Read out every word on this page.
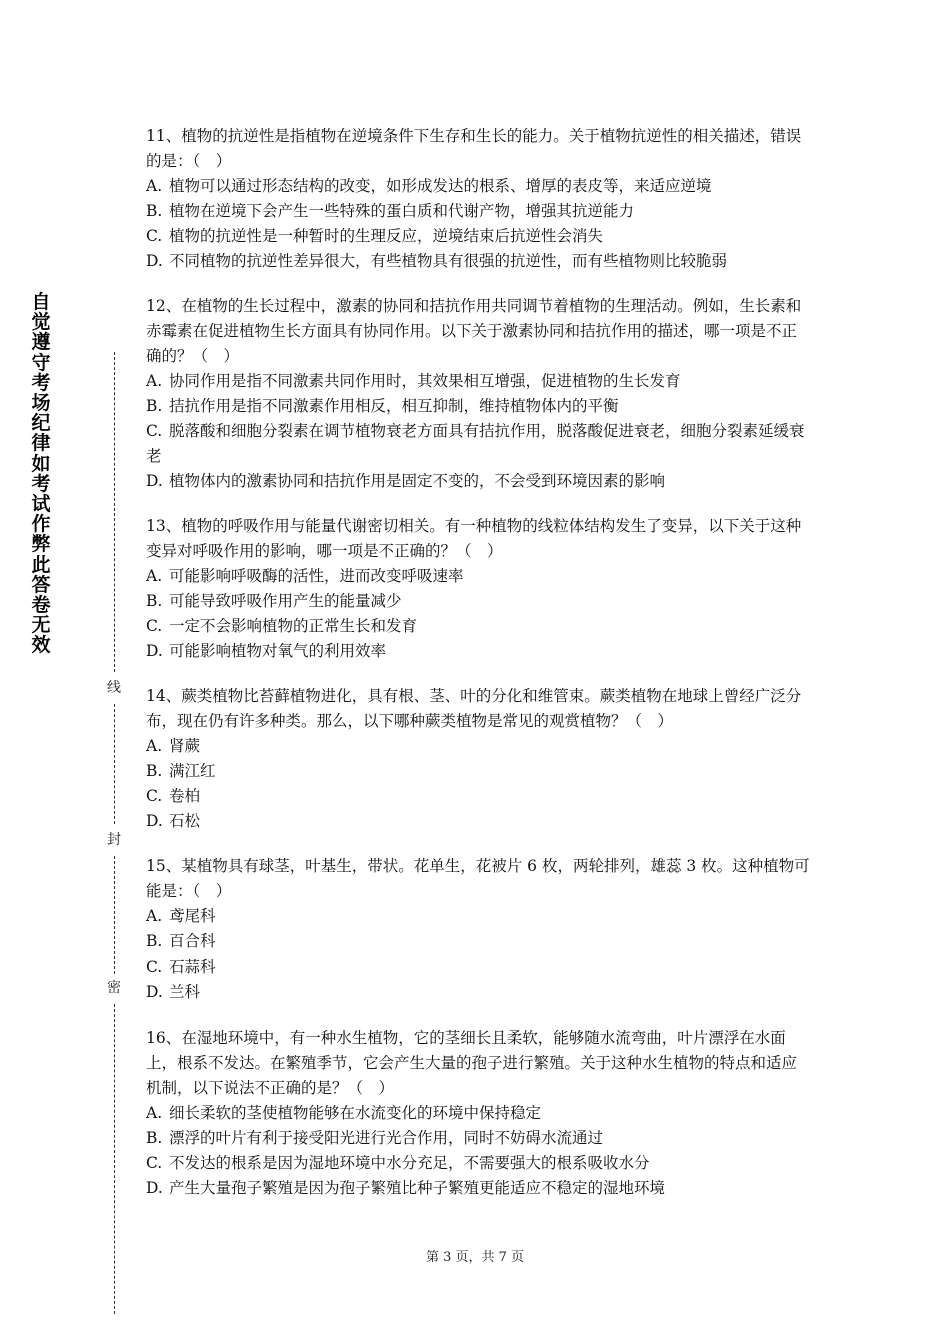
自觉遵守考场纪律如考试作弊此答卷无效
线
封
密
11、植物的抗逆性是指植物在逆境条件下生存和生长的能力。关于植物抗逆性的相关描述，错误的是：（　）
A. 植物可以通过形态结构的改变，如形成发达的根系、增厚的表皮等，来适应逆境
B. 植物在逆境下会产生一些特殊的蛋白质和代谢产物，增强其抗逆能力
C. 植物的抗逆性是一种暂时的生理反应，逆境结束后抗逆性会消失
D. 不同植物的抗逆性差异很大，有些植物具有很强的抗逆性，而有些植物则比较脆弱
12、在植物的生长过程中，激素的协同和拮抗作用共同调节着植物的生理活动。例如，生长素和赤霉素在促进植物生长方面具有协同作用。以下关于激素协同和拮抗作用的描述，哪一项是不正确的？（　）
A. 协同作用是指不同激素共同作用时，其效果相互增强，促进植物的生长发育
B. 拮抗作用是指不同激素作用相反，相互抑制，维持植物体内的平衡
C. 脱落酸和细胞分裂素在调节植物衰老方面具有拮抗作用，脱落酸促进衰老，细胞分裂素延缓衰老
D. 植物体内的激素协同和拮抗作用是固定不变的，不会受到环境因素的影响
13、植物的呼吸作用与能量代谢密切相关。有一种植物的线粒体结构发生了变异，以下关于这种变异对呼吸作用的影响，哪一项是不正确的？（　）
A. 可能影响呼吸酶的活性，进而改变呼吸速率
B. 可能导致呼吸作用产生的能量减少
C. 一定不会影响植物的正常生长和发育
D. 可能影响植物对氧气的利用效率
14、蕨类植物比苔藓植物进化，具有根、茎、叶的分化和维管束。蕨类植物在地球上曾经广泛分布，现在仍有许多种类。那么，以下哪种蕨类植物是常见的观赏植物？（　）
A. 肾蕨
B. 满江红
C. 卷柏
D. 石松
15、某植物具有球茎，叶基生，带状。花单生，花被片 6 枚，两轮排列，雄蕊 3 枚。这种植物可能是：（　）
A. 鸢尾科
B. 百合科
C. 石蒜科
D. 兰科
16、在湿地环境中，有一种水生植物，它的茎细长且柔软，能够随水流弯曲，叶片漂浮在水面上，根系不发达。在繁殖季节，它会产生大量的孢子进行繁殖。关于这种水生植物的特点和适应机制，以下说法不正确的是？（　）
A. 细长柔软的茎使植物能够在水流变化的环境中保持稳定
B. 漂浮的叶片有利于接受阳光进行光合作用，同时不妨碍水流通过
C. 不发达的根系是因为湿地环境中水分充足，不需要强大的根系吸收水分
D. 产生大量孢子繁殖是因为孢子繁殖比种子繁殖更能适应不稳定的湿地环境
第 3 页，共 7 页
